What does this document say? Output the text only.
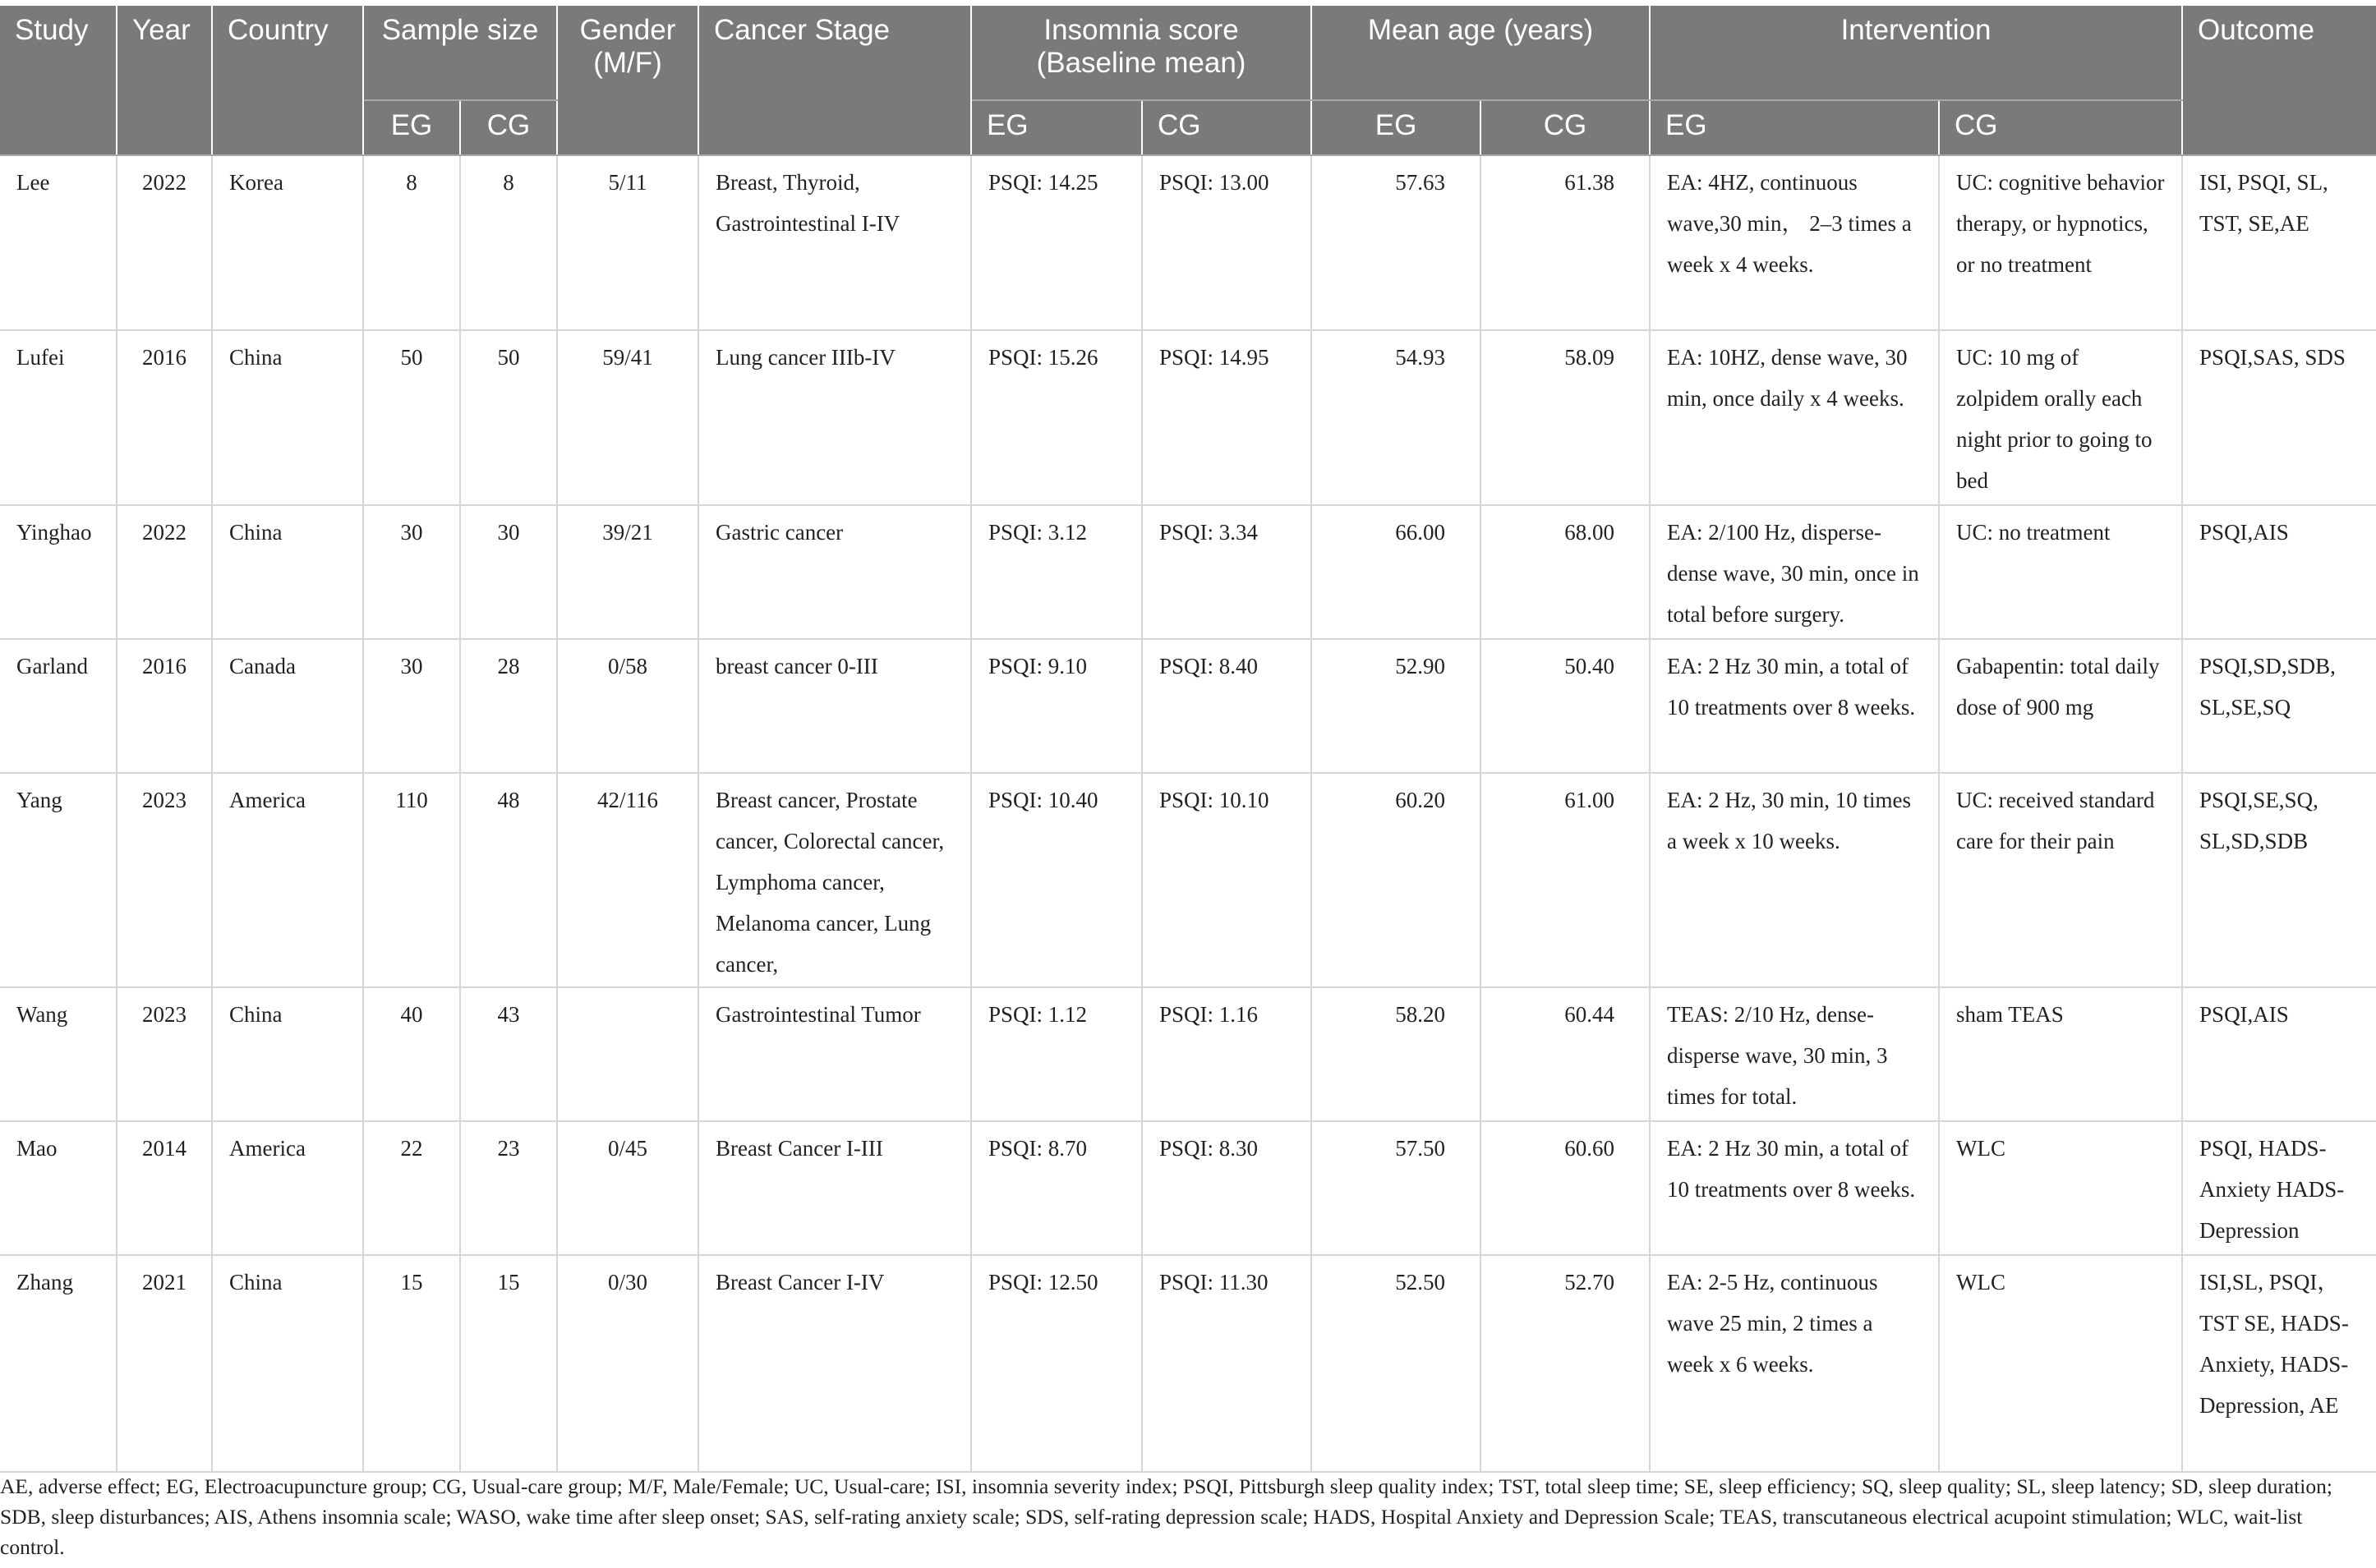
Study	Year	Country	Sample size		Gender (M/F)	Cancer Stage	Insomnia score (Baseline mean)		Mean age (years)		Intervention		Outcome
			EG	CG			EG	CG	EG	CG	EG	CG	
Lee	2022	Korea	8	8	5/11	Breast, Thyroid, Gastrointestinal I-IV	PSQI: 14.25	PSQI: 13.00	57.63	61.38	EA: 4HZ, continuous wave,30 min， 2–3 times a week x 4 weeks.	UC: cognitive behavior therapy, or hypnotics, or no treatment	ISI, PSQI, SL, TST, SE,AE
Lufei	2016	China	50	50	59/41	Lung cancer IIIb-IV	PSQI: 15.26	PSQI: 14.95	54.93	58.09	EA: 10HZ, dense wave, 30 min, once daily x 4 weeks.	UC: 10 mg of zolpidem orally each night prior to going to bed	PSQI,SAS, SDS
Yinghao	2022	China	30	30	39/21	Gastric cancer	PSQI: 3.12	PSQI: 3.34	66.00	68.00	EA: 2/100 Hz, disperse-dense wave, 30 min, once in total before surgery.	UC: no treatment	PSQI,AIS
Garland	2016	Canada	30	28	0/58	breast cancer 0-III	PSQI: 9.10	PSQI: 8.40	52.90	50.40	EA: 2 Hz 30 min, a total of 10 treatments over 8 weeks.	Gabapentin: total daily dose of 900 mg	PSQI,SD,SDB, SL,SE,SQ
Yang	2023	America	110	48	42/116	Breast cancer, Prostate cancer, Colorectal cancer, Lymphoma cancer, Melanoma cancer, Lung cancer,	PSQI: 10.40	PSQI: 10.10	60.20	61.00	EA: 2 Hz, 30 min, 10 times a week x 10 weeks.	UC: received standard care for their pain	PSQI,SE,SQ, SL,SD,SDB
Wang	2023	China	40	43		Gastrointestinal Tumor	PSQI: 1.12	PSQI: 1.16	58.20	60.44	TEAS: 2/10 Hz, dense-disperse wave, 30 min, 3 times for total.	sham TEAS	PSQI,AIS
Mao	2014	America	22	23	0/45	Breast Cancer I-III	PSQI: 8.70	PSQI: 8.30	57.50	60.60	EA: 2 Hz 30 min, a total of 10 treatments over 8 weeks.	WLC	PSQI, HADS-Anxiety HADS-Depression
Zhang	2021	China	15	15	0/30	Breast Cancer I-IV	PSQI: 12.50	PSQI: 11.30	52.50	52.70	EA: 2-5 Hz, continuous wave 25 min, 2 times a week x 6 weeks.	WLC	ISI,SL, PSQI，TST SE, HADS-Anxiety, HADS-Depression, AE
AE, adverse effect; EG, Electroacupuncture group; CG, Usual-care group; M/F, Male/Female; UC, Usual-care; ISI, insomnia severity index; PSQI, Pittsburgh sleep quality index; TST, total sleep time; SE, sleep efficiency; SQ, sleep quality; SL, sleep latency; SD, sleep duration; SDB, sleep disturbances; AIS, Athens insomnia scale; WASO, wake time after sleep onset; SAS, self-rating anxiety scale; SDS, self-rating depression scale; HADS, Hospital Anxiety and Depression Scale; TEAS, transcutaneous electrical acupoint stimulation; WLC, wait-list control.
